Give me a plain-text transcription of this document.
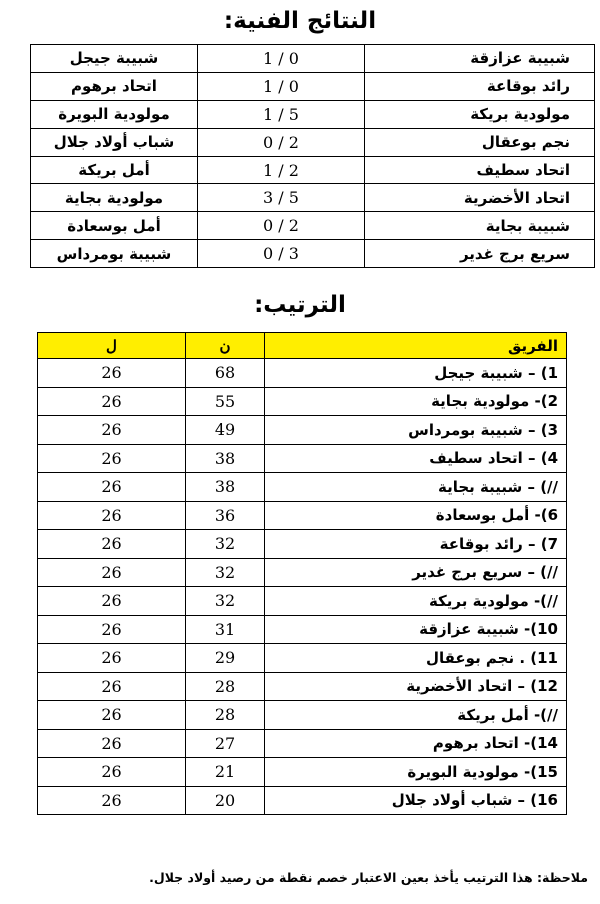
النتائج الفنية:
شبيبة جيجل	1 / 0	شبيبة عزازقة
اتحاد برهوم	1 / 0	رائد بوقاعة
مولودية البويرة	1 / 5	مولودية بريكة
شباب أولاد جلال	0 / 2	نجم بوعقال
أمل بريكة	1 / 2	اتحاد سطيف
مولودية بجاية	3 / 5	اتحاد الأخضرية
أمل بوسعادة	0 / 2	شبيبة بجاية
شبيبة بومرداس	0 / 3	سريع برج غدير
الترتيب:
ل	ن	الفريق
26	68	1) – شبيبة جيجل
26	55	2)- مولودية بجاية
26	49	3) – شبيبة بومرداس
26	38	4) – اتحاد سطيف
26	38	//) – شبيبة بجاية
26	36	6)- أمل بوسعادة
26	32	7) – رائد بوقاعة
26	32	//) – سريع برج غدير
26	32	//)- مولودية بريكة
26	31	10)- شبيبة عزازقة
26	29	11) . نجم بوعقال
26	28	12) – اتحاد الأخضرية
26	28	//)- أمل بريكة
26	27	14)- اتحاد برهوم
26	21	15)- مولودية البويرة
26	20	16) – شباب أولاد جلال
ملاحظة: هذا الترتيب يأخذ بعين الاعتبار خصم نقطة من رصيد أولاد جلال.
